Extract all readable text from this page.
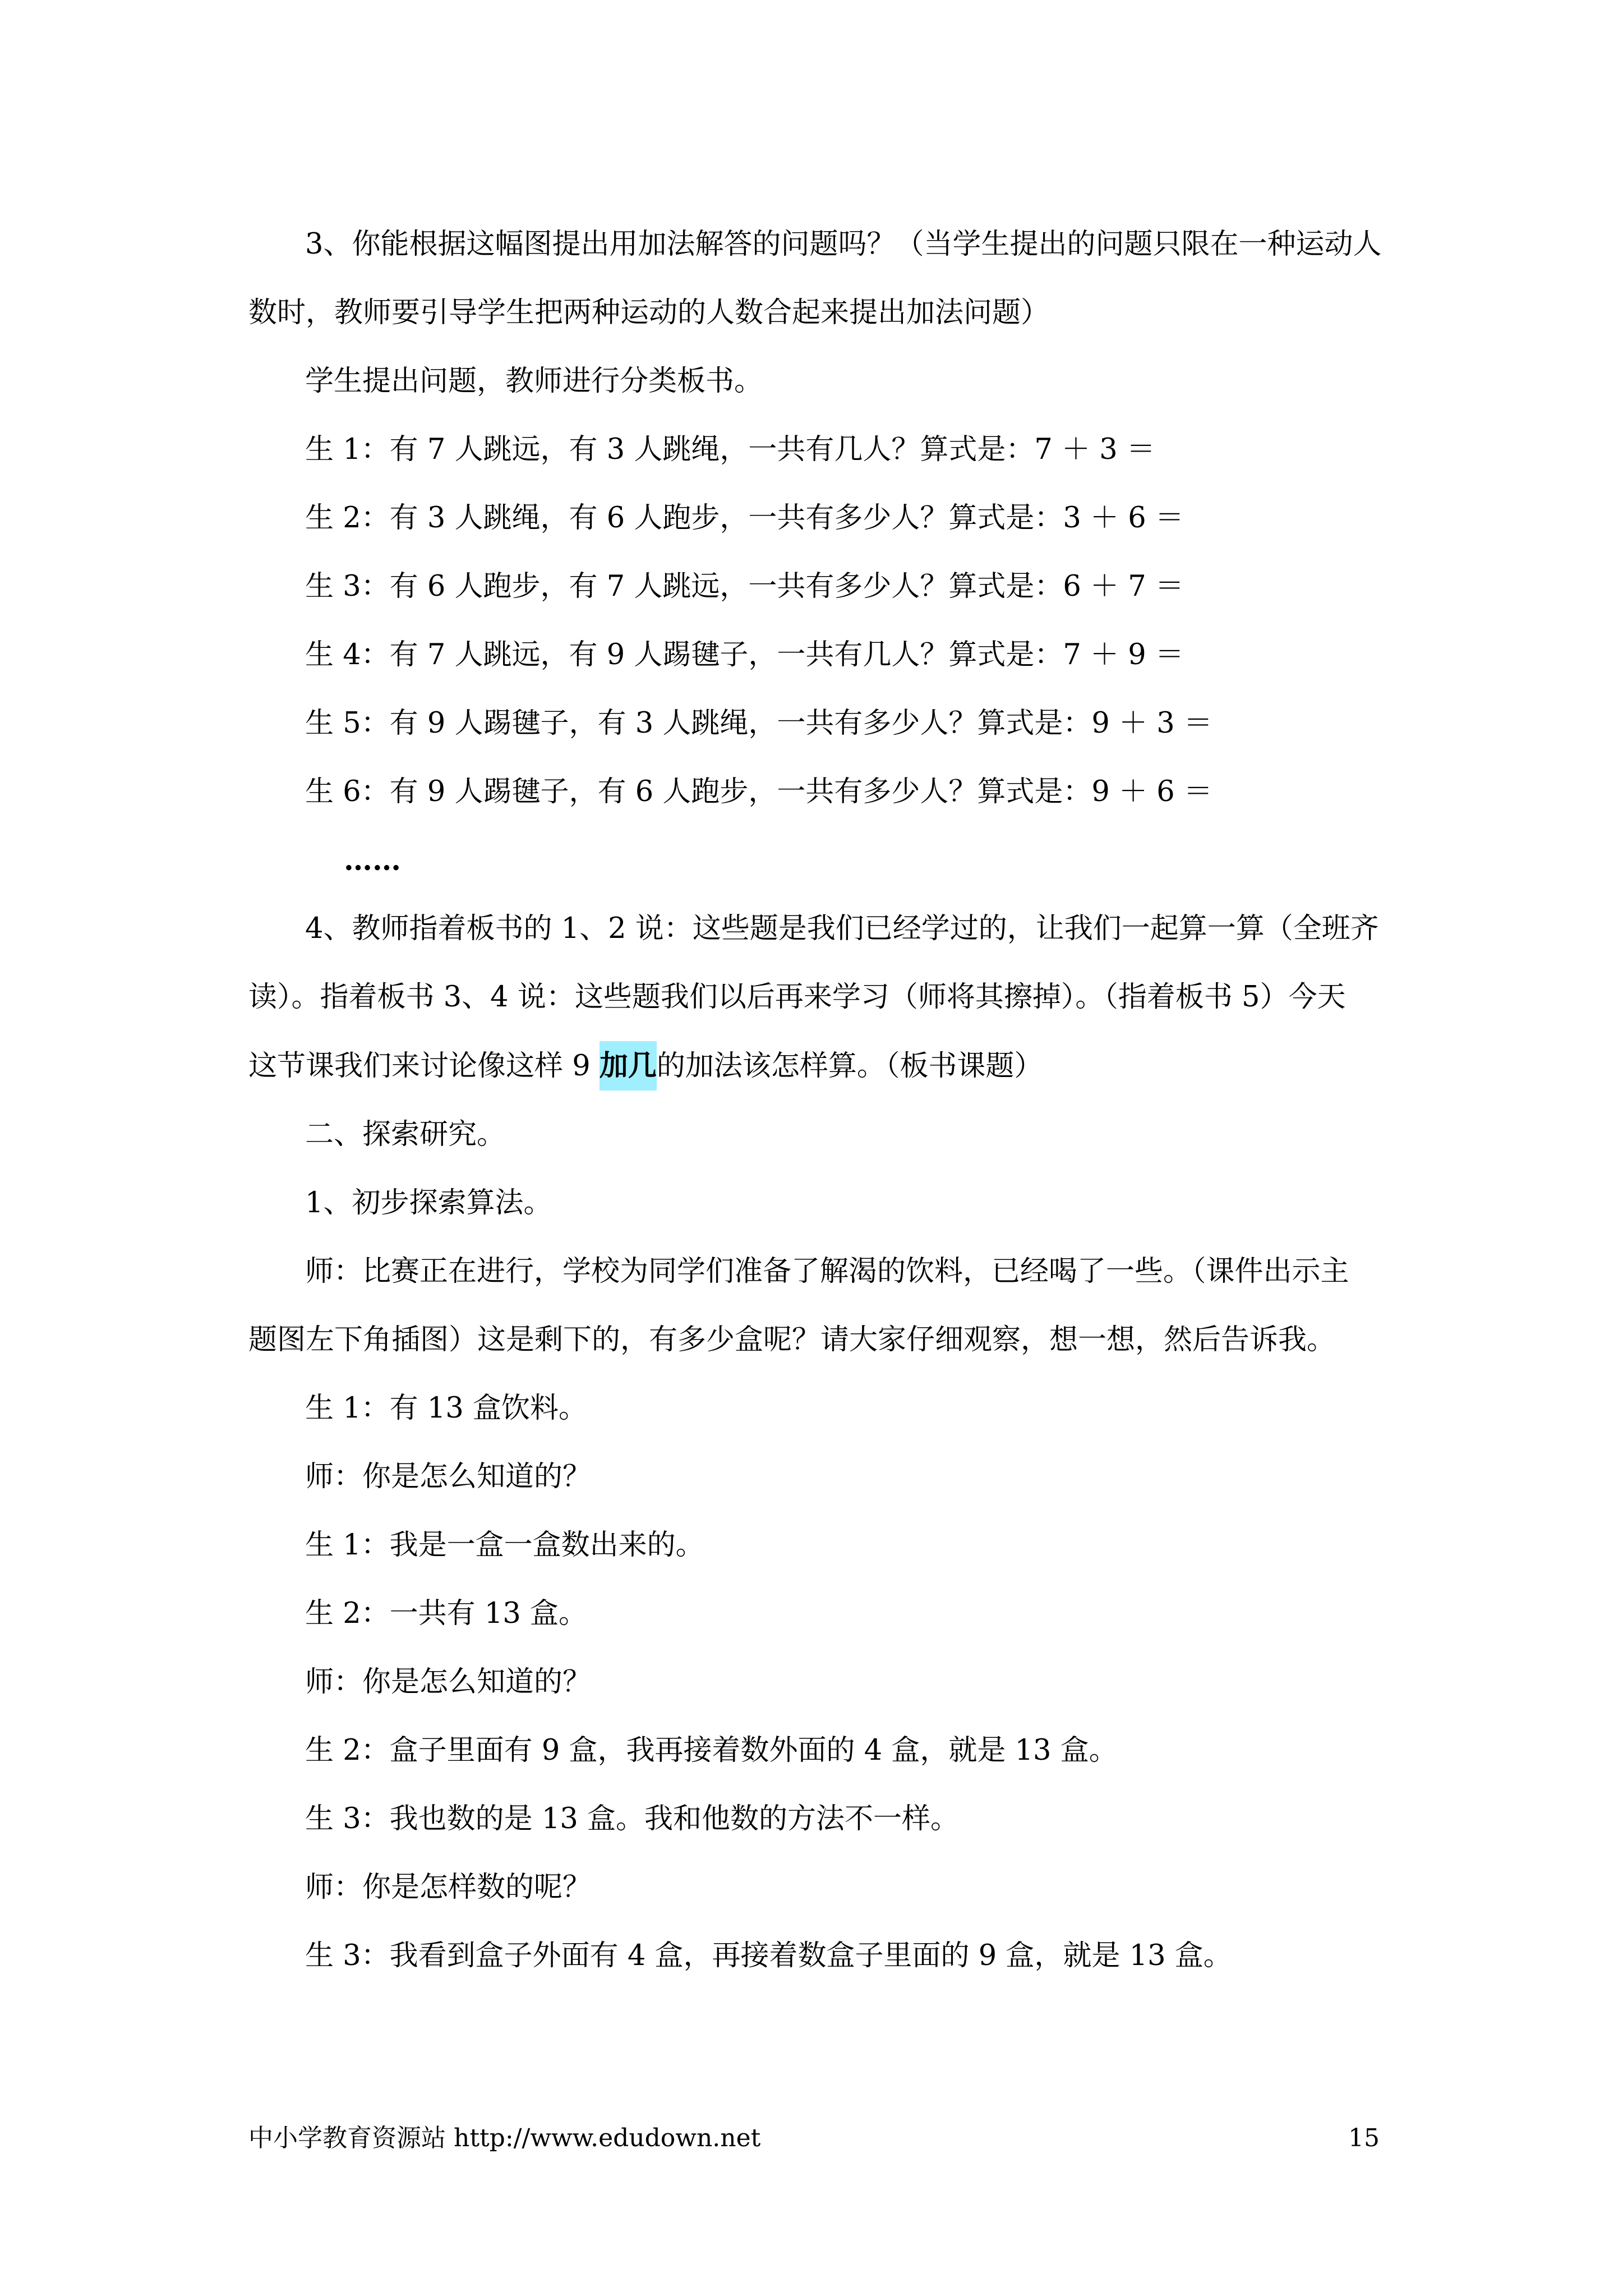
3、你能根据这幅图提出用加法解答的问题吗？（当学生提出的问题只限在一种运动人
数时，教师要引导学生把两种运动的人数合起来提出加法问题）
学生提出问题，教师进行分类板书。
生 1：有 7 人跳远，有 3 人跳绳，一共有几人？算式是：7 ＋ 3 ＝
生 2：有 3 人跳绳，有 6 人跑步，一共有多少人？算式是：3 ＋ 6 ＝
生 3：有 6 人跑步，有 7 人跳远，一共有多少人？算式是：6 ＋ 7 ＝
生 4：有 7 人跳远，有 9 人踢毽子，一共有几人？算式是：7 ＋ 9 ＝
生 5：有 9 人踢毽子，有 3 人跳绳，一共有多少人？算式是：9 ＋ 3 ＝
生 6：有 9 人踢毽子，有 6 人跑步，一共有多少人？算式是：9 ＋ 6 ＝
……
4、教师指着板书的 1、2 说：这些题是我们已经学过的，让我们一起算一算（全班齐
读）。指着板书 3、4 说：这些题我们以后再来学习（师将其擦掉）。（指着板书 5）今天
这节课我们来讨论像这样 9 加几的加法该怎样算。（板书课题）
二、探索研究。
1、初步探索算法。
师：比赛正在进行，学校为同学们准备了解渴的饮料，已经喝了一些。（课件出示主
题图左下角插图）这是剩下的，有多少盒呢？请大家仔细观察，想一想，然后告诉我。
生 1：有 13 盒饮料。
师：你是怎么知道的？
生 1：我是一盒一盒数出来的。
生 2：一共有 13 盒。
师：你是怎么知道的？
生 2：盒子里面有 9 盒，我再接着数外面的 4 盒，就是 13 盒。
生 3：我也数的是 13 盒。我和他数的方法不一样。
师：你是怎样数的呢？
生 3：我看到盒子外面有 4 盒，再接着数盒子里面的 9 盒，就是 13 盒。
中小学教育资源站 http://www.edudown.net	15
